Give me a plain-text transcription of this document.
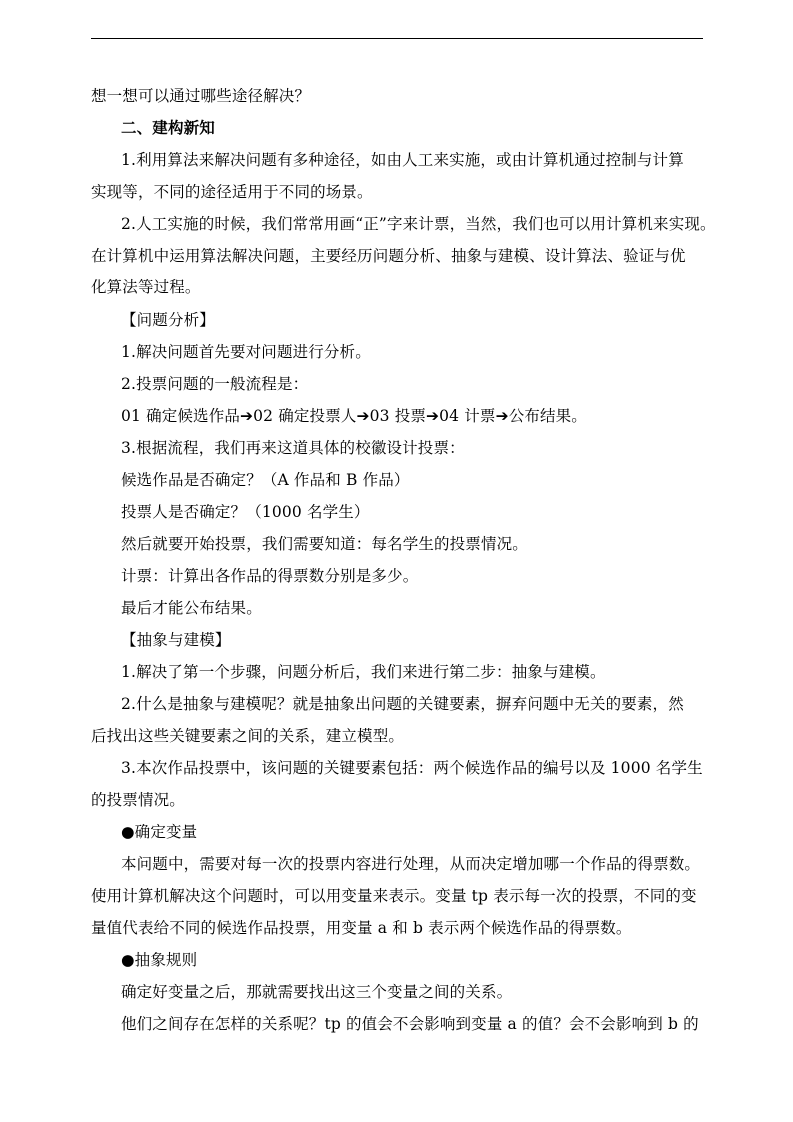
想一想可以通过哪些途径解决？
二、建构新知
1.利用算法来解决问题有多种途径，如由人工来实施，或由计算机通过控制与计算
实现等，不同的途径适用于不同的场景。
2.人工实施的时候，我们常常用画“正”字来计票，当然，我们也可以用计算机来实现。
在计算机中运用算法解决问题，主要经历问题分析、抽象与建模、设计算法、验证与优
化算法等过程。
【问题分析】
1.解决问题首先要对问题进行分析。
2.投票问题的一般流程是：
01 确定候选作品➔02 确定投票人➔03 投票➔04 计票➔公布结果。
3.根据流程，我们再来这道具体的校徽设计投票：
候选作品是否确定？（A 作品和 B 作品）
投票人是否确定？（1000 名学生）
然后就要开始投票，我们需要知道：每名学生的投票情况。
计票：计算出各作品的得票数分别是多少。
最后才能公布结果。
【抽象与建模】
1.解决了第一个步骤，问题分析后，我们来进行第二步：抽象与建模。
2.什么是抽象与建模呢？就是抽象出问题的关键要素，摒弃问题中无关的要素，然
后找出这些关键要素之间的关系，建立模型。
3.本次作品投票中，该问题的关键要素包括：两个候选作品的编号以及 1000 名学生
的投票情况。
●确定变量
本问题中，需要对每一次的投票内容进行处理，从而决定增加哪一个作品的得票数。
使用计算机解决这个问题时，可以用变量来表示。变量 tp 表示每一次的投票，不同的变
量值代表给不同的候选作品投票，用变量 a 和 b 表示两个候选作品的得票数。
●抽象规则
确定好变量之后，那就需要找出这三个变量之间的关系。
他们之间存在怎样的关系呢？tp 的值会不会影响到变量 a 的值？会不会影响到 b 的
